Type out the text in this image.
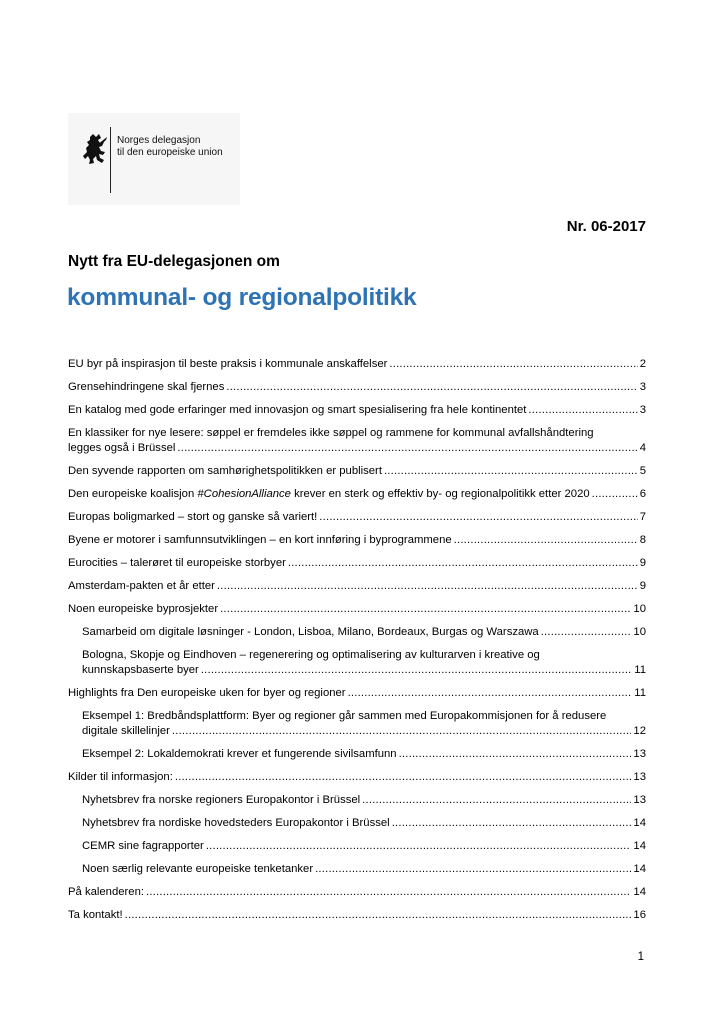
Norges delegasjon
til den europeiske union
Nr. 06-2017
Nytt fra EU-delegasjonen om
kommunal- og regionalpolitikk
EU byr på inspirasjon til beste praksis i kommunale anskaffelser .....	2
Grensehindringene skal fjernes .....	3
En katalog med gode erfaringer med innovasjon og smart spesialisering fra hele kontinentet .....	3
En klassiker for nye lesere: søppel er fremdeles ikke søppel og rammene for kommunal avfallshåndtering
legges også i Brüssel .....	4
Den syvende rapporten om samhørighetspolitikken er publisert .....	5
Den europeiske koalisjon #CohesionAlliance krever en sterk og effektiv by- og regionalpolitikk etter 2020 .....	6
Europas boligmarked – stort og ganske så variert! .....	7
Byene er motorer i samfunnsutviklingen – en kort innføring i byprogrammene .....	8
Eurocities – talerøret til europeiske storbyer .....	9
Amsterdam-pakten et år etter .....	9
Noen europeiske byprosjekter .....	10
Samarbeid om digitale løsninger - London, Lisboa, Milano, Bordeaux, Burgas og Warszawa .....	10
Bologna, Skopje og Eindhoven – regenerering og optimalisering av kulturarven i kreative og
kunnskapsbaserte byer .....	11
Highlights fra Den europeiske uken for byer og regioner .....	11
Eksempel 1: Bredbåndsplattform: Byer og regioner går sammen med Europakommisjonen for å redusere
digitale skillelinjer .....	12
Eksempel 2: Lokaldemokrati krever et fungerende sivilsamfunn .....	13
Kilder til informasjon: .....	13
Nyhetsbrev fra norske regioners Europakontor i Brüssel .....	13
Nyhetsbrev fra nordiske hovedsteders Europakontor i Brüssel .....	14
CEMR sine fagrapporter .....	14
Noen særlig relevante europeiske tenketanker .....	14
På kalenderen: .....	14
Ta kontakt! .....	16
1
